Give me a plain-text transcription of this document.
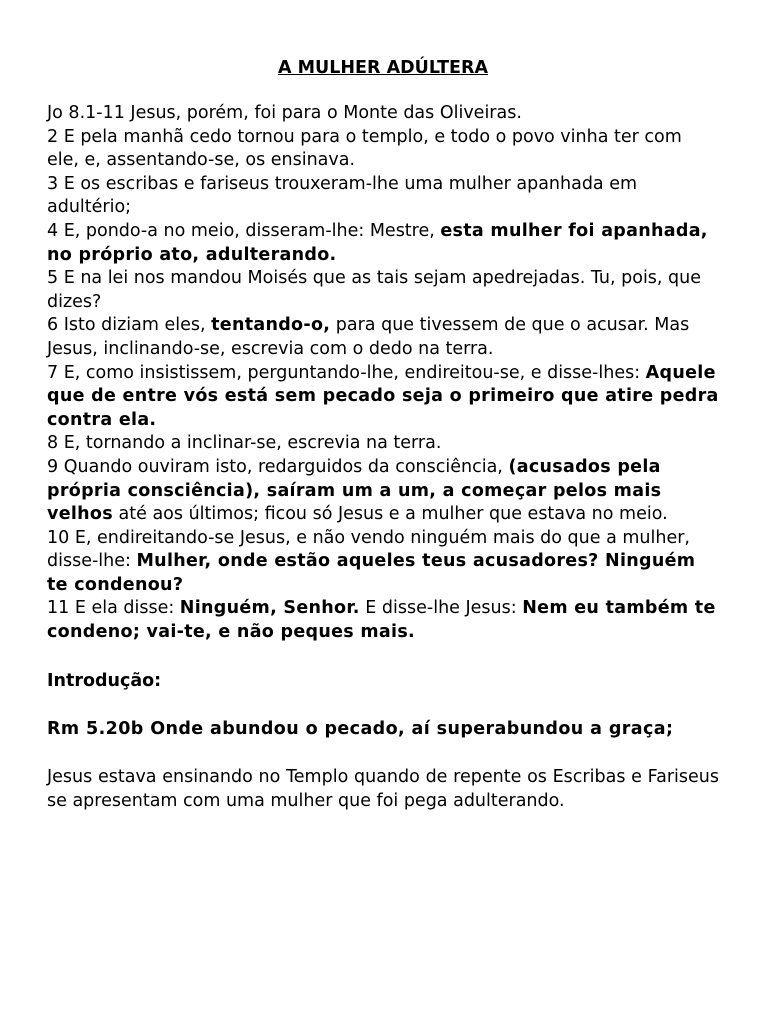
A MULHER ADÚLTERA
Jo 8.1-11 Jesus, porém, foi para o Monte das Oliveiras.
2 E pela manhã cedo tornou para o templo, e todo o povo vinha ter com ele, e, assentando-se, os ensinava.
3 E os escribas e fariseus trouxeram-lhe uma mulher apanhada em adultério;
4 E, pondo-a no meio, disseram-lhe: Mestre, esta mulher foi apanhada, no próprio ato, adulterando.
5 E na lei nos mandou Moisés que as tais sejam apedrejadas. Tu, pois, que dizes?
6 Isto diziam eles, tentando-o, para que tivessem de que o acusar. Mas Jesus, inclinando-se, escrevia com o dedo na terra.
7 E, como insistissem, perguntando-lhe, endireitou-se, e disse-lhes: Aquele que de entre vós está sem pecado seja o primeiro que atire pedra contra ela.
8 E, tornando a inclinar-se, escrevia na terra.
9 Quando ouviram isto, redarguidos da consciência, (acusados pela própria consciência), saíram um a um, a começar pelos mais velhos até aos últimos; ficou só Jesus e a mulher que estava no meio.
10 E, endireitando-se Jesus, e não vendo ninguém mais do que a mulher, disse-lhe: Mulher, onde estão aqueles teus acusadores? Ninguém te condenou?
11 E ela disse: Ninguém, Senhor. E disse-lhe Jesus: Nem eu também te condeno; vai-te, e não peques mais.
Introdução:
Rm 5.20b Onde abundou o pecado, aí superabundou a graça;
Jesus estava ensinando no Templo quando de repente os Escribas e Fariseus se apresentam com uma mulher que foi pega adulterando.
